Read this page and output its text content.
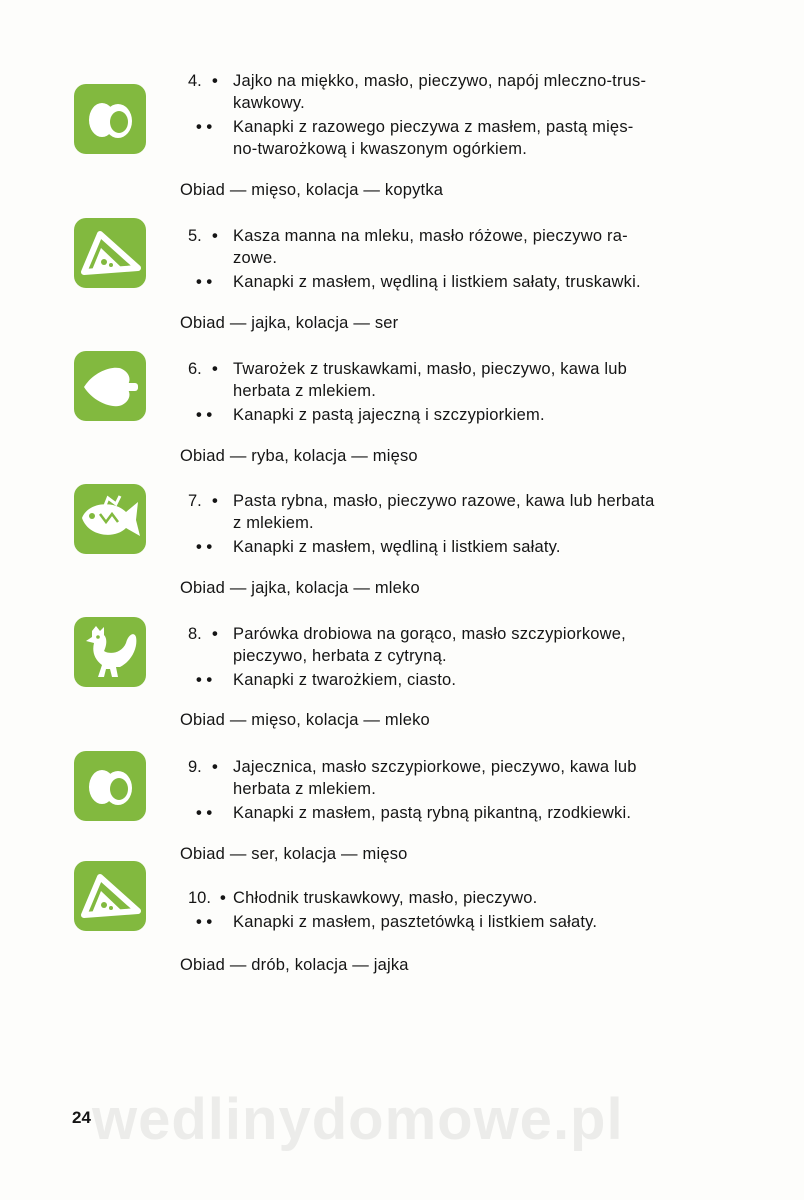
4. • Jajko na miękko, masło, pieczywo, napój mleczno-trus-
kawkowy.
• • Kanapki z razowego pieczywa z masłem, pastą mięs-
no-twarożkową i kwaszonym ogórkiem.
Obiad — mięso, kolacja — kopytka
5. • Kasza manna na mleku, masło różowe, pieczywo ra-
zowe.
• • Kanapki z masłem, wędliną i listkiem sałaty, truskawki.
Obiad — jajka, kolacja — ser
6. • Twarożek z truskawkami, masło, pieczywo, kawa lub
herbata z mlekiem.
• • Kanapki z pastą jajeczną i szczypiorkiem.
Obiad — ryba, kolacja — mięso
7. • Pasta rybna, masło, pieczywo razowe, kawa lub herbata
z mlekiem.
• • Kanapki z masłem, wędliną i listkiem sałaty.
Obiad — jajka, kolacja — mleko
8. • Parówka drobiowa na gorąco, masło szczypiorkowe,
pieczywo, herbata z cytryną.
• • Kanapki z twarożkiem, ciasto.
Obiad — mięso, kolacja — mleko
9. • Jajecznica, masło szczypiorkowe, pieczywo, kawa lub
herbata z mlekiem.
• • Kanapki z masłem, pastą rybną pikantną, rzodkiewki.
Obiad — ser, kolacja — mięso
10. • Chłodnik truskawkowy, masło, pieczywo.
• • Kanapki z masłem, pasztetówką i listkiem sałaty.
Obiad — drób, kolacja — jajka
wedlinydomowe.pl
24
